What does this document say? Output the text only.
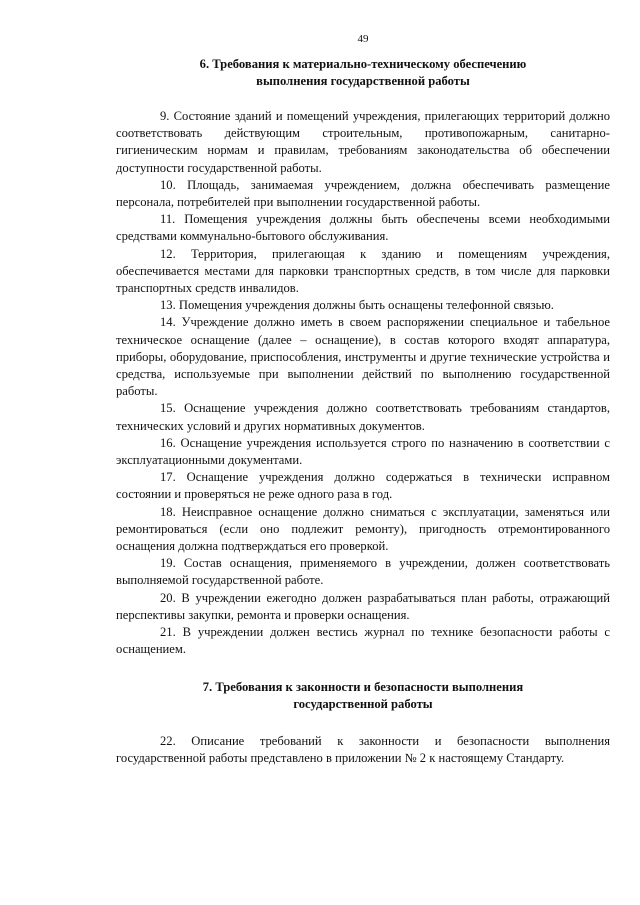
49
6. Требования к материально-техническому обеспечению
выполнения государственной работы

9. Состояние зданий и помещений учреждения, прилегающих территорий должно соответствовать действующим строительным, противопожарным, санитарно-гигиеническим нормам и правилам, требованиям законодательства об обеспечении доступности государственной работы.

10. Площадь, занимаемая учреждением, должна обеспечивать размещение персонала, потребителей при выполнении государственной работы.

11. Помещения учреждения должны быть обеспечены всеми необходимыми средствами коммунально-бытового обслуживания.

12. Территория, прилегающая к зданию и помещениям учреждения, обеспечивается местами для парковки транспортных средств, в том числе для парковки транспортных средств инвалидов.

13. Помещения учреждения должны быть оснащены телефонной связью.

14. Учреждение должно иметь в своем распоряжении специальное и табельное техническое оснащение (далее – оснащение), в состав которого входят аппаратура, приборы, оборудование, приспособления, инструменты и другие технические устройства и средства, используемые при выполнении действий по выполнению государственной работы.

15. Оснащение учреждения должно соответствовать требованиям стандартов, технических условий и других нормативных документов.

16. Оснащение учреждения используется строго по назначению в соответствии с эксплуатационными документами.

17. Оснащение учреждения должно содержаться в технически исправном состоянии и проверяться не реже одного раза в год.

18. Неисправное оснащение должно сниматься с эксплуатации, заменяться или ремонтироваться (если оно подлежит ремонту), пригодность отремонтированного оснащения должна подтверждаться его проверкой.

19. Состав оснащения, применяемого в учреждении, должен соответствовать выполняемой государственной работе.

20. В учреждении ежегодно должен разрабатываться план работы, отражающий перспективы закупки, ремонта и проверки оснащения.

21. В учреждении должен вестись журнал по технике безопасности работы с оснащением.

7. Требования к законности и безопасности выполнения
государственной работы

22. Описание требований к законности и безопасности выполнения государственной работы представлено в приложении № 2 к настоящему Стандарту.
